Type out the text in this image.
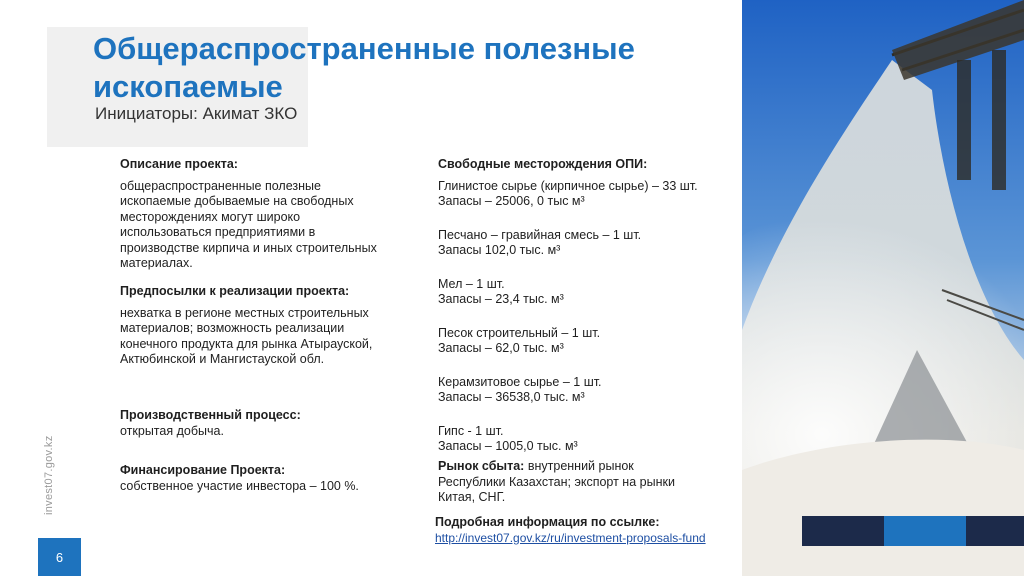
Общераспространенные полезные
ископаемые
Инициаторы: Акимат ЗКО
Описание проекта:
общераспространенные полезные ископаемые добываемые на свободных месторождениях могут широко использоваться предприятиями в производстве кирпича и иных строительных материалах.
Предпосылки к реализации проекта:
нехватка в регионе местных строительных материалов; возможность реализации конечного продукта для рынка Атырауской, Актюбинской и Мангистауской обл.
Производственный процесс:
открытая добыча.
Финансирование Проекта:
собственное участие инвестора – 100 %.
Свободные месторождения ОПИ:
Глинистое сырье (кирпичное сырье) – 33 шт.
Запасы – 25006, 0 тыс м³
Песчано – гравийная смесь – 1 шт.
Запасы 102,0 тыс. м³
Мел – 1 шт.
Запасы – 23,4 тыс. м³
Песок строительный – 1 шт.
Запасы – 62,0 тыс. м³
Керамзитовое сырье – 1 шт.
Запасы – 36538,0 тыс. м³
Гипс - 1 шт.
Запасы – 1005,0 тыс. м³
Рынок сбыта: внутренний рынок Республики Казахстан; экспорт на рынки Китая, СНГ.
Подробная информация по ссылке:
http://invest07.gov.kz/ru/investment-proposals-fund
invest07.gov.kz
6
